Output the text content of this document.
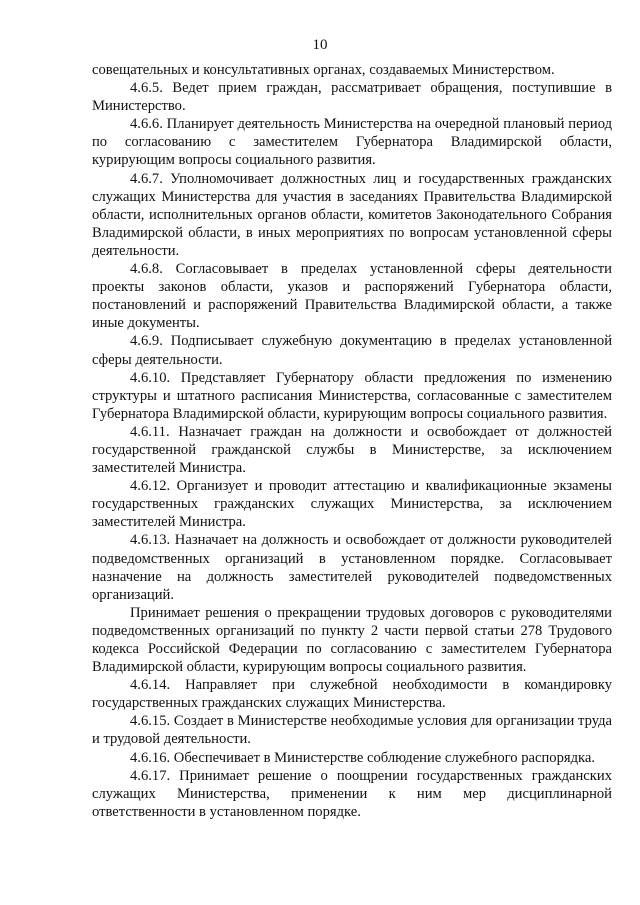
10

совещательных и консультативных органах, создаваемых Министерством.

4.6.5. Ведет прием граждан, рассматривает обращения, поступившие в Министерство.

4.6.6. Планирует деятельность Министерства на очередной плановый период по согласованию с заместителем Губернатора Владимирской области, курирующим вопросы социального развития.

4.6.7. Уполномочивает должностных лиц и государственных гражданских служащих Министерства для участия в заседаниях Правительства Владимирской области, исполнительных органов области, комитетов Законодательного Собрания Владимирской области, в иных мероприятиях по вопросам установленной сферы деятельности.

4.6.8. Согласовывает в пределах установленной сферы деятельности проекты законов области, указов и распоряжений Губернатора области, постановлений и распоряжений Правительства Владимирской области, а также иные документы.

4.6.9. Подписывает служебную документацию в пределах установленной сферы деятельности.

4.6.10. Представляет Губернатору области предложения по изменению структуры и штатного расписания Министерства, согласованные с заместителем Губернатора Владимирской области, курирующим вопросы социального развития.

4.6.11. Назначает граждан на должности и освобождает от должностей государственной гражданской службы в Министерстве, за исключением заместителей Министра.

4.6.12. Организует и проводит аттестацию и квалификационные экзамены государственных гражданских служащих Министерства, за исключением заместителей Министра.

4.6.13. Назначает на должность и освобождает от должности руководителей подведомственных организаций в установленном порядке. Согласовывает назначение на должность заместителей руководителей подведомственных организаций.

Принимает решения о прекращении трудовых договоров с руководителями подведомственных организаций по пункту 2 части первой статьи 278 Трудового кодекса Российской Федерации по согласованию с заместителем Губернатора Владимирской области, курирующим вопросы социального развития.

4.6.14. Направляет при служебной необходимости в командировку государственных гражданских служащих Министерства.

4.6.15. Создает в Министерстве необходимые условия для организации труда и трудовой деятельности.

4.6.16. Обеспечивает в Министерстве соблюдение служебного распорядка.

4.6.17. Принимает решение о поощрении государственных гражданских служащих Министерства, применении к ним мер дисциплинарной ответственности в установленном порядке.
